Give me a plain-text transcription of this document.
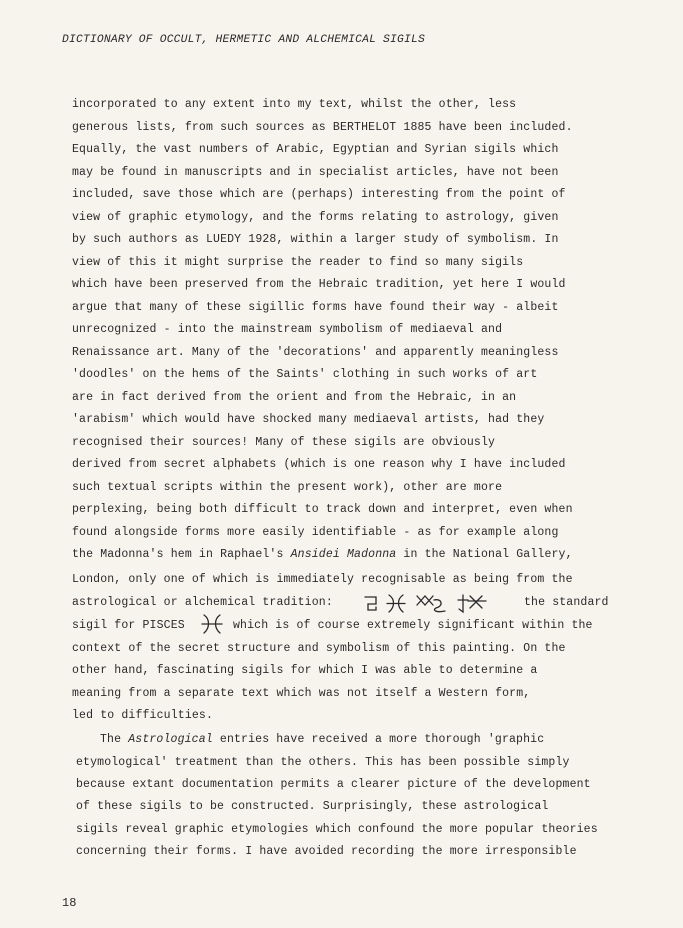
DICTIONARY OF OCCULT, HERMETIC AND ALCHEMICAL SIGILS
incorporated to any extent into my text, whilst the other, less
generous lists, from such sources as BERTHELOT 1885 have been included.
Equally, the vast numbers of Arabic, Egyptian and Syrian sigils which
may be found in manuscripts and in specialist articles, have not been
included, save those which are (perhaps) interesting from the point of
view of graphic etymology, and the forms relating to astrology, given
by such authors as LUEDY 1928, within a larger study of symbolism. In
view of this it might surprise the reader to find so many sigils
which have been preserved from the Hebraic tradition, yet here I would
argue that many of these sigillic forms have found their way - albeit
unrecognized - into the mainstream symbolism of mediaeval and
Renaissance art. Many of the 'decorations' and apparently meaningless
'doodles' on the hems of the Saints' clothing in such works of art
are in fact derived from the orient and from the Hebraic, in an
'arabism' which would have shocked many mediaeval artists, had they
recognised their sources! Many of these sigils are obviously
derived from secret alphabets (which is one reason why I have included
such textual scripts within the present work), other are more
perplexing, being both difficult to track down and interpret, even when
found alongside forms more easily identifiable - as for example along
the Madonna's hem in Raphael's Ansidei Madonna in the National Gallery,
London, only one of which is immediately recognisable as being from the
astrological or alchemical tradition:	the standard
sigil for PISCES	which is of course extremely significant within the
context of the secret structure and symbolism of this painting. On the
other hand, fascinating sigils for which I was able to determine a
meaning from a separate text which was not itself a Western form,
led to difficulties.
The Astrological entries have received a more thorough 'graphic
etymological' treatment than the others. This has been possible simply
because extant documentation permits a clearer picture of the development
of these sigils to be constructed. Surprisingly, these astrological
sigils reveal graphic etymologies which confound the more popular theories
concerning their forms. I have avoided recording the more irresponsible
18
